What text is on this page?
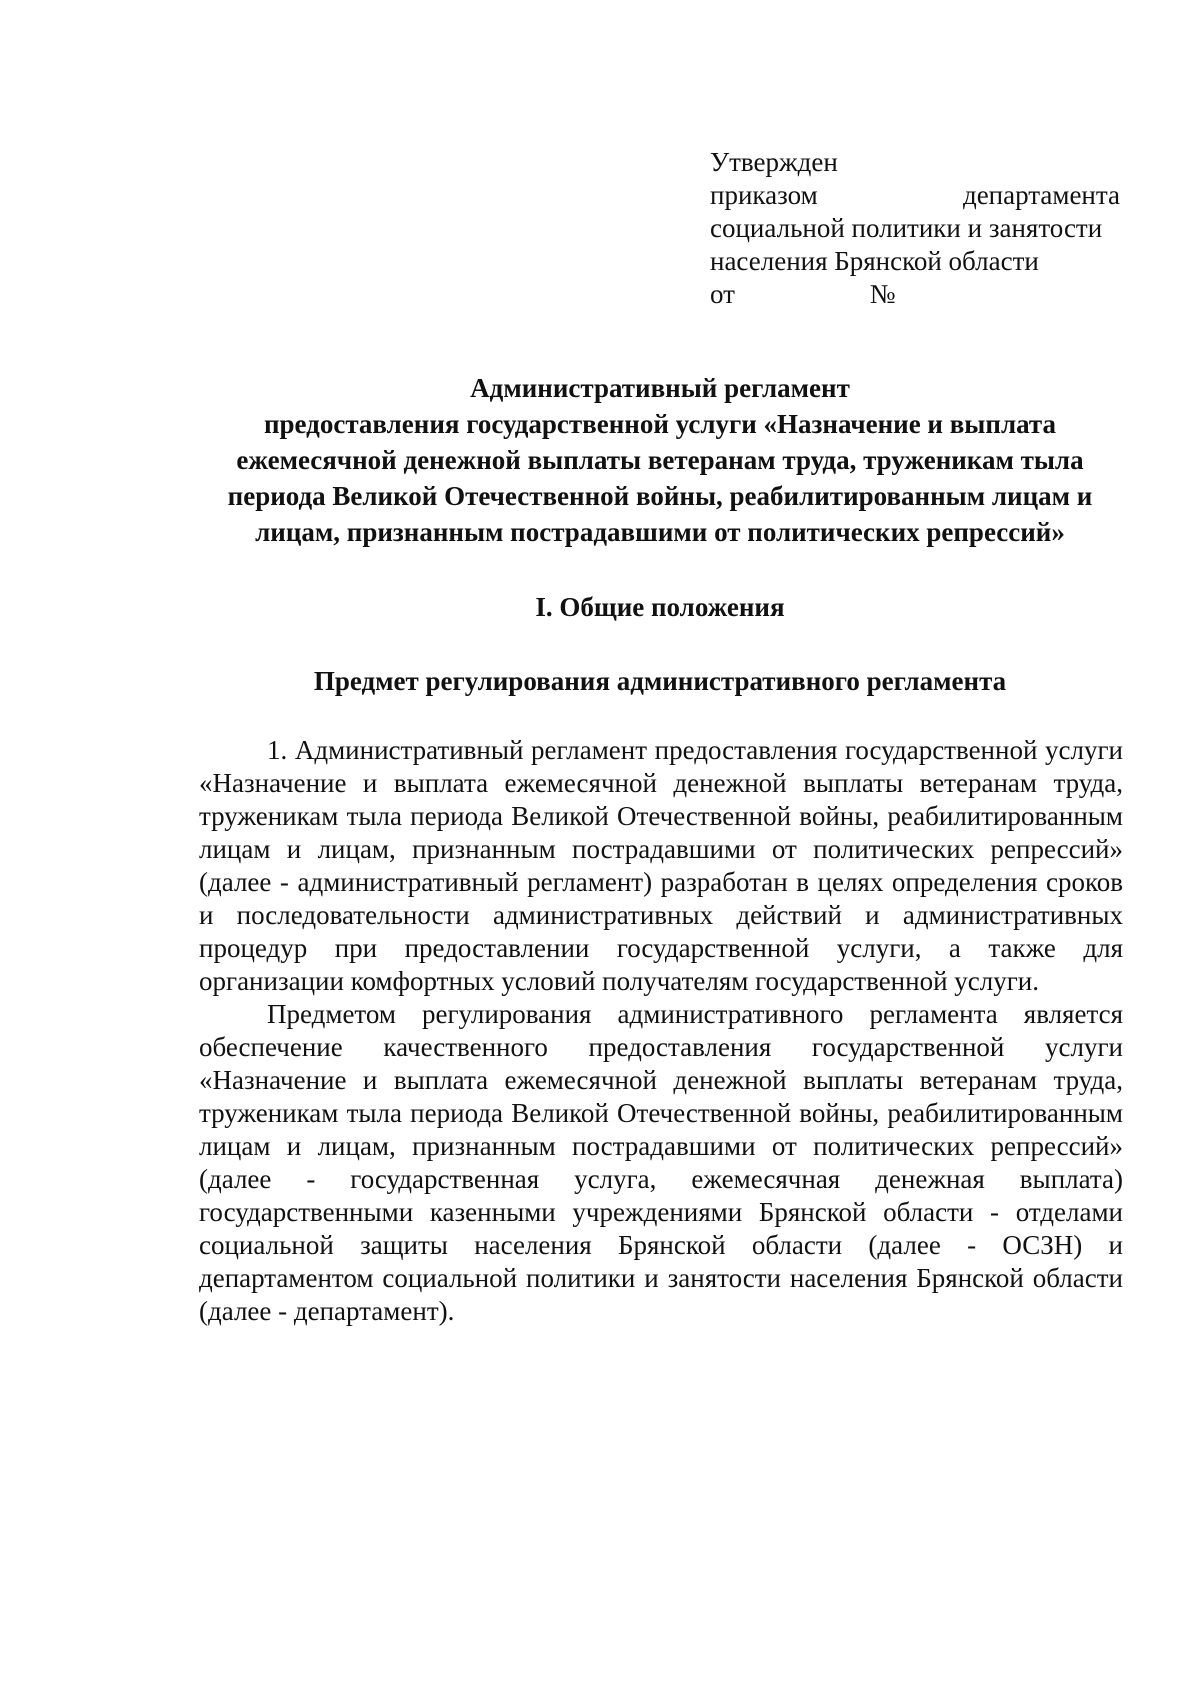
Утвержден
приказом	департамента
социальной политики и занятости
населения Брянской области
от	№
Административный регламент
предоставления государственной услуги «Назначение и выплата
ежемесячной денежной выплаты ветеранам труда, труженикам тыла
периода Великой Отечественной войны, реабилитированным лицам и
лицам, признанным пострадавшими от политических репрессий»
I. Общие положения
Предмет регулирования административного регламента

1. Административный регламент предоставления государственной услуги «Назначение и выплата ежемесячной денежной выплаты ветеранам труда, труженикам тыла периода Великой Отечественной войны, реабилитированным лицам и лицам, признанным пострадавшими от политических репрессий» (далее - административный регламент) разработан в целях определения сроков и последовательности административных действий и административных процедур при предоставлении государственной услуги, а также для организации комфортных условий получателям государственной услуги.

Предметом регулирования административного регламента является обеспечение качественного предоставления государственной услуги «Назначение и выплата ежемесячной денежной выплаты ветеранам труда, труженикам тыла периода Великой Отечественной войны, реабилитированным лицам и лицам, признанным пострадавшими от политических репрессий» (далее - государственная услуга, ежемесячная денежная выплата) государственными казенными учреждениями Брянской области - отделами социальной защиты населения Брянской области (далее - ОСЗН) и департаментом социальной политики и занятости населения Брянской области (далее - департамент).
